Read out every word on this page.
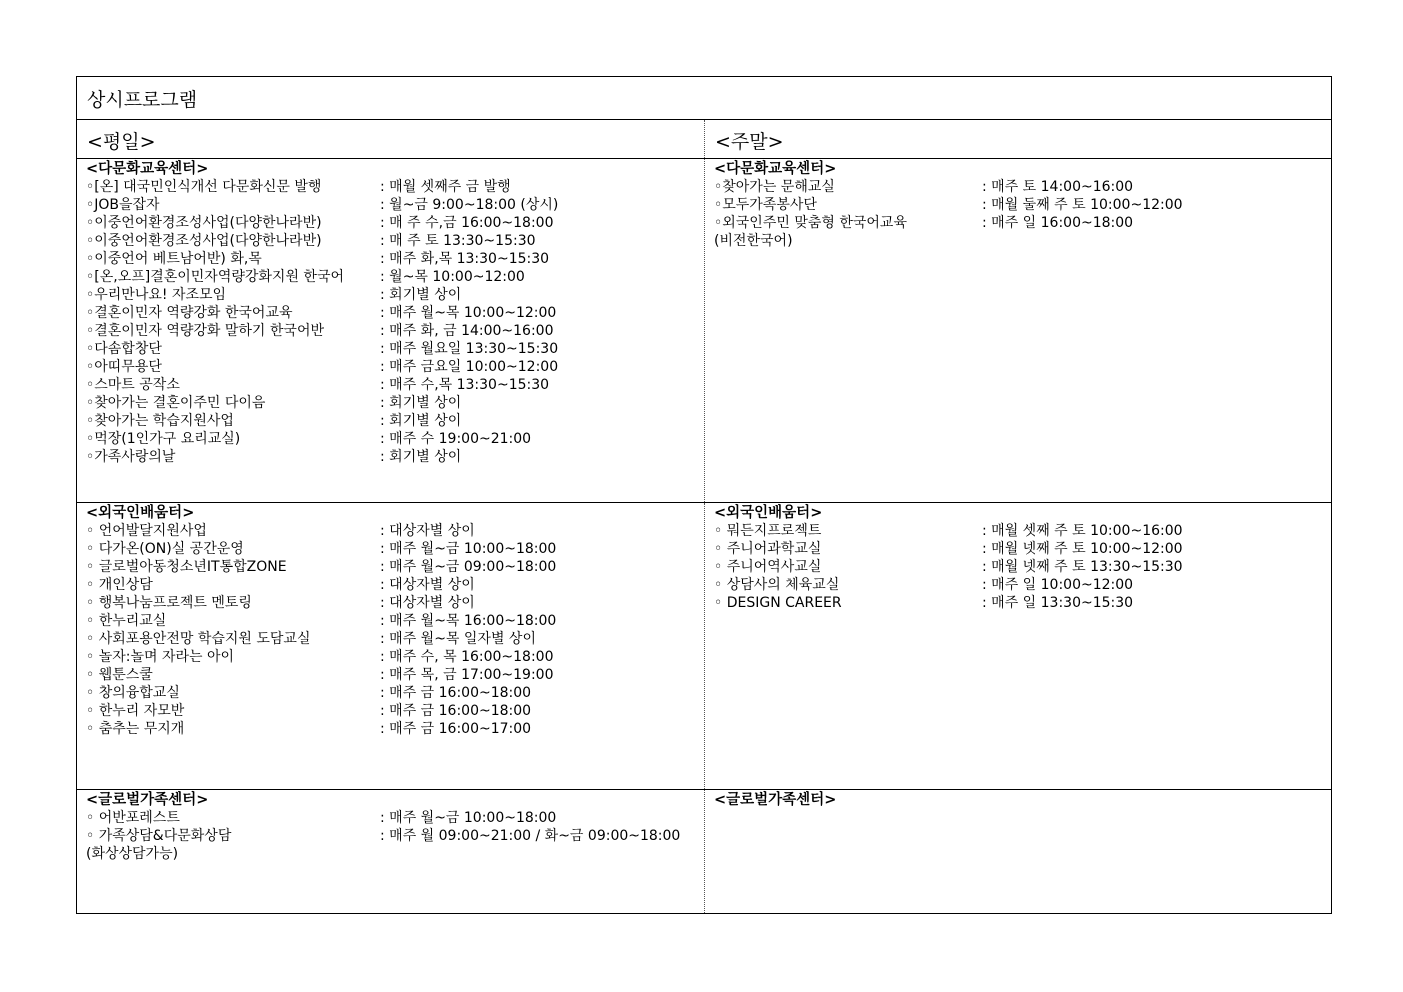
상시프로그램
<평일>	<주말>
<다문화교육센터>
◦[온] 대국민인식개선 다문화신문 발행	: 매월 셋째주 금 발행
◦JOB을잡자	: 월~금 9:00~18:00 (상시)
◦이중언어환경조성사업(다양한나라반)	: 매 주 수,금 16:00~18:00
◦이중언어환경조성사업(다양한나라반)	: 매 주 토 13:30~15:30
◦이중언어 베트남어반) 화,목	: 매주 화,목 13:30~15:30
◦[온,오프]결혼이민자역량강화지원 한국어	: 월~목 10:00~12:00
◦우리만나요! 자조모임	: 회기별 상이
◦결혼이민자 역량강화 한국어교육	: 매주 월~목 10:00~12:00
◦결혼이민자 역량강화 말하기 한국어반	: 매주 화, 금 14:00~16:00
◦다솜합창단	: 매주 월요일 13:30~15:30
◦아띠무용단	: 매주 금요일 10:00~12:00
◦스마트 공작소	: 매주 수,목 13:30~15:30
◦찾아가는 결혼이주민 다이음	: 회기별 상이
◦찾아가는 학습지원사업	: 회기별 상이
◦먹장(1인가구 요리교실)	: 매주 수 19:00~21:00
◦가족사랑의날	: 회기별 상이
<다문화교육센터>
◦찾아가는 문해교실	: 매주 토 14:00~16:00
◦모두가족봉사단	: 매월 둘째 주 토 10:00~12:00
◦외국인주민 맞춤형 한국어교육	: 매주 일 16:00~18:00
(비전한국어)
<외국인배움터>
◦ 언어발달지원사업	: 대상자별 상이
◦ 다가온(ON)실 공간운영	: 매주 월~금 10:00~18:00
◦ 글로벌아동청소년IT통합ZONE	: 매주 월~금 09:00~18:00
◦ 개인상담	: 대상자별 상이
◦ 행복나눔프로젝트 멘토링	: 대상자별 상이
◦ 한누리교실	: 매주 월~목 16:00~18:00
◦ 사회포용안전망 학습지원 도담교실	: 매주 월~목 일자별 상이
◦ 놀자:놀며 자라는 아이	: 매주 수, 목 16:00~18:00
◦ 웹툰스쿨	: 매주 목, 금 17:00~19:00
◦ 창의융합교실	: 매주 금 16:00~18:00
◦ 한누리 자모반	: 매주 금 16:00~18:00
◦ 춤추는 무지개	: 매주 금 16:00~17:00
<외국인배움터>
◦ 뭐든지프로젝트	: 매월 셋째 주 토 10:00~16:00
◦ 주니어과학교실	: 매월 넷째 주 토 10:00~12:00
◦ 주니어역사교실	: 매월 넷째 주 토 13:30~15:30
◦ 상담사의 체육교실	: 매주 일 10:00~12:00
◦ DESIGN CAREER	: 매주 일 13:30~15:30
<글로벌가족센터>
◦ 어반포레스트	: 매주 월~금 10:00~18:00
◦ 가족상담&다문화상담	: 매주 월 09:00~21:00 / 화~금 09:00~18:00
(화상상담가능)
<글로벌가족센터>
